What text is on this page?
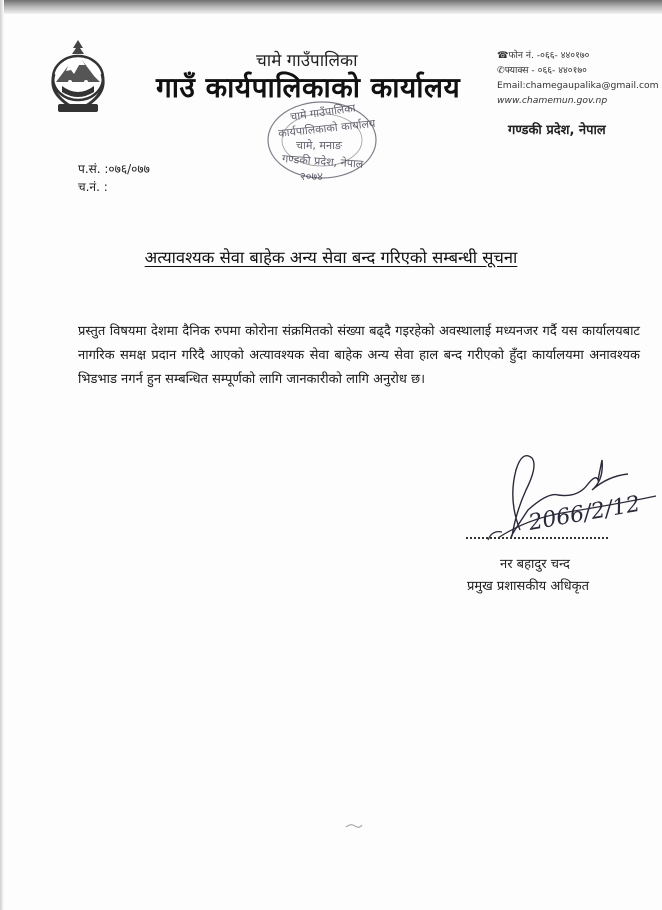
चामे गाउँपालिका
गाउँ कार्यपालिकाको कार्यालय
☎फोन नं. -०६६- ४४०१७०
✆फ्याक्स - ०६६- ४४०१७०
Email:chamegaupalika@gmail.com
www.chamemun.gov.np
गण्डकी प्रदेश, नेपाल
चामे गाउँपालिका
कार्यपालिकाको कार्यालय
चामे, मनाङ
गण्डकी प्रदेश, नेपाल
२०७४
प.सं. :०७६/०७७
च.नं. :
अत्यावश्यक सेवा बाहेक अन्य सेवा बन्द गरिएको सम्बन्धी सूचना
प्रस्तुत विषयमा देशमा दैनिक रुपमा कोरोना संक्रमितको संख्या बढ्दै गइरहेको अवस्थालाई मध्यनजर गर्दै यस कार्यालयबाट नागरिक समक्ष प्रदान गरिदै आएको अत्यावश्यक सेवा बाहेक अन्य सेवा हाल बन्द गरीएको हुँदा कार्यालयमा अनावश्यक भिडभाड नगर्न हुन सम्बन्धित सम्पूर्णको लागि जानकारीको लागि अनुरोध छ।
2066/2/12
नर बहादुर चन्द
प्रमुख प्रशासकीय अधिकृत
